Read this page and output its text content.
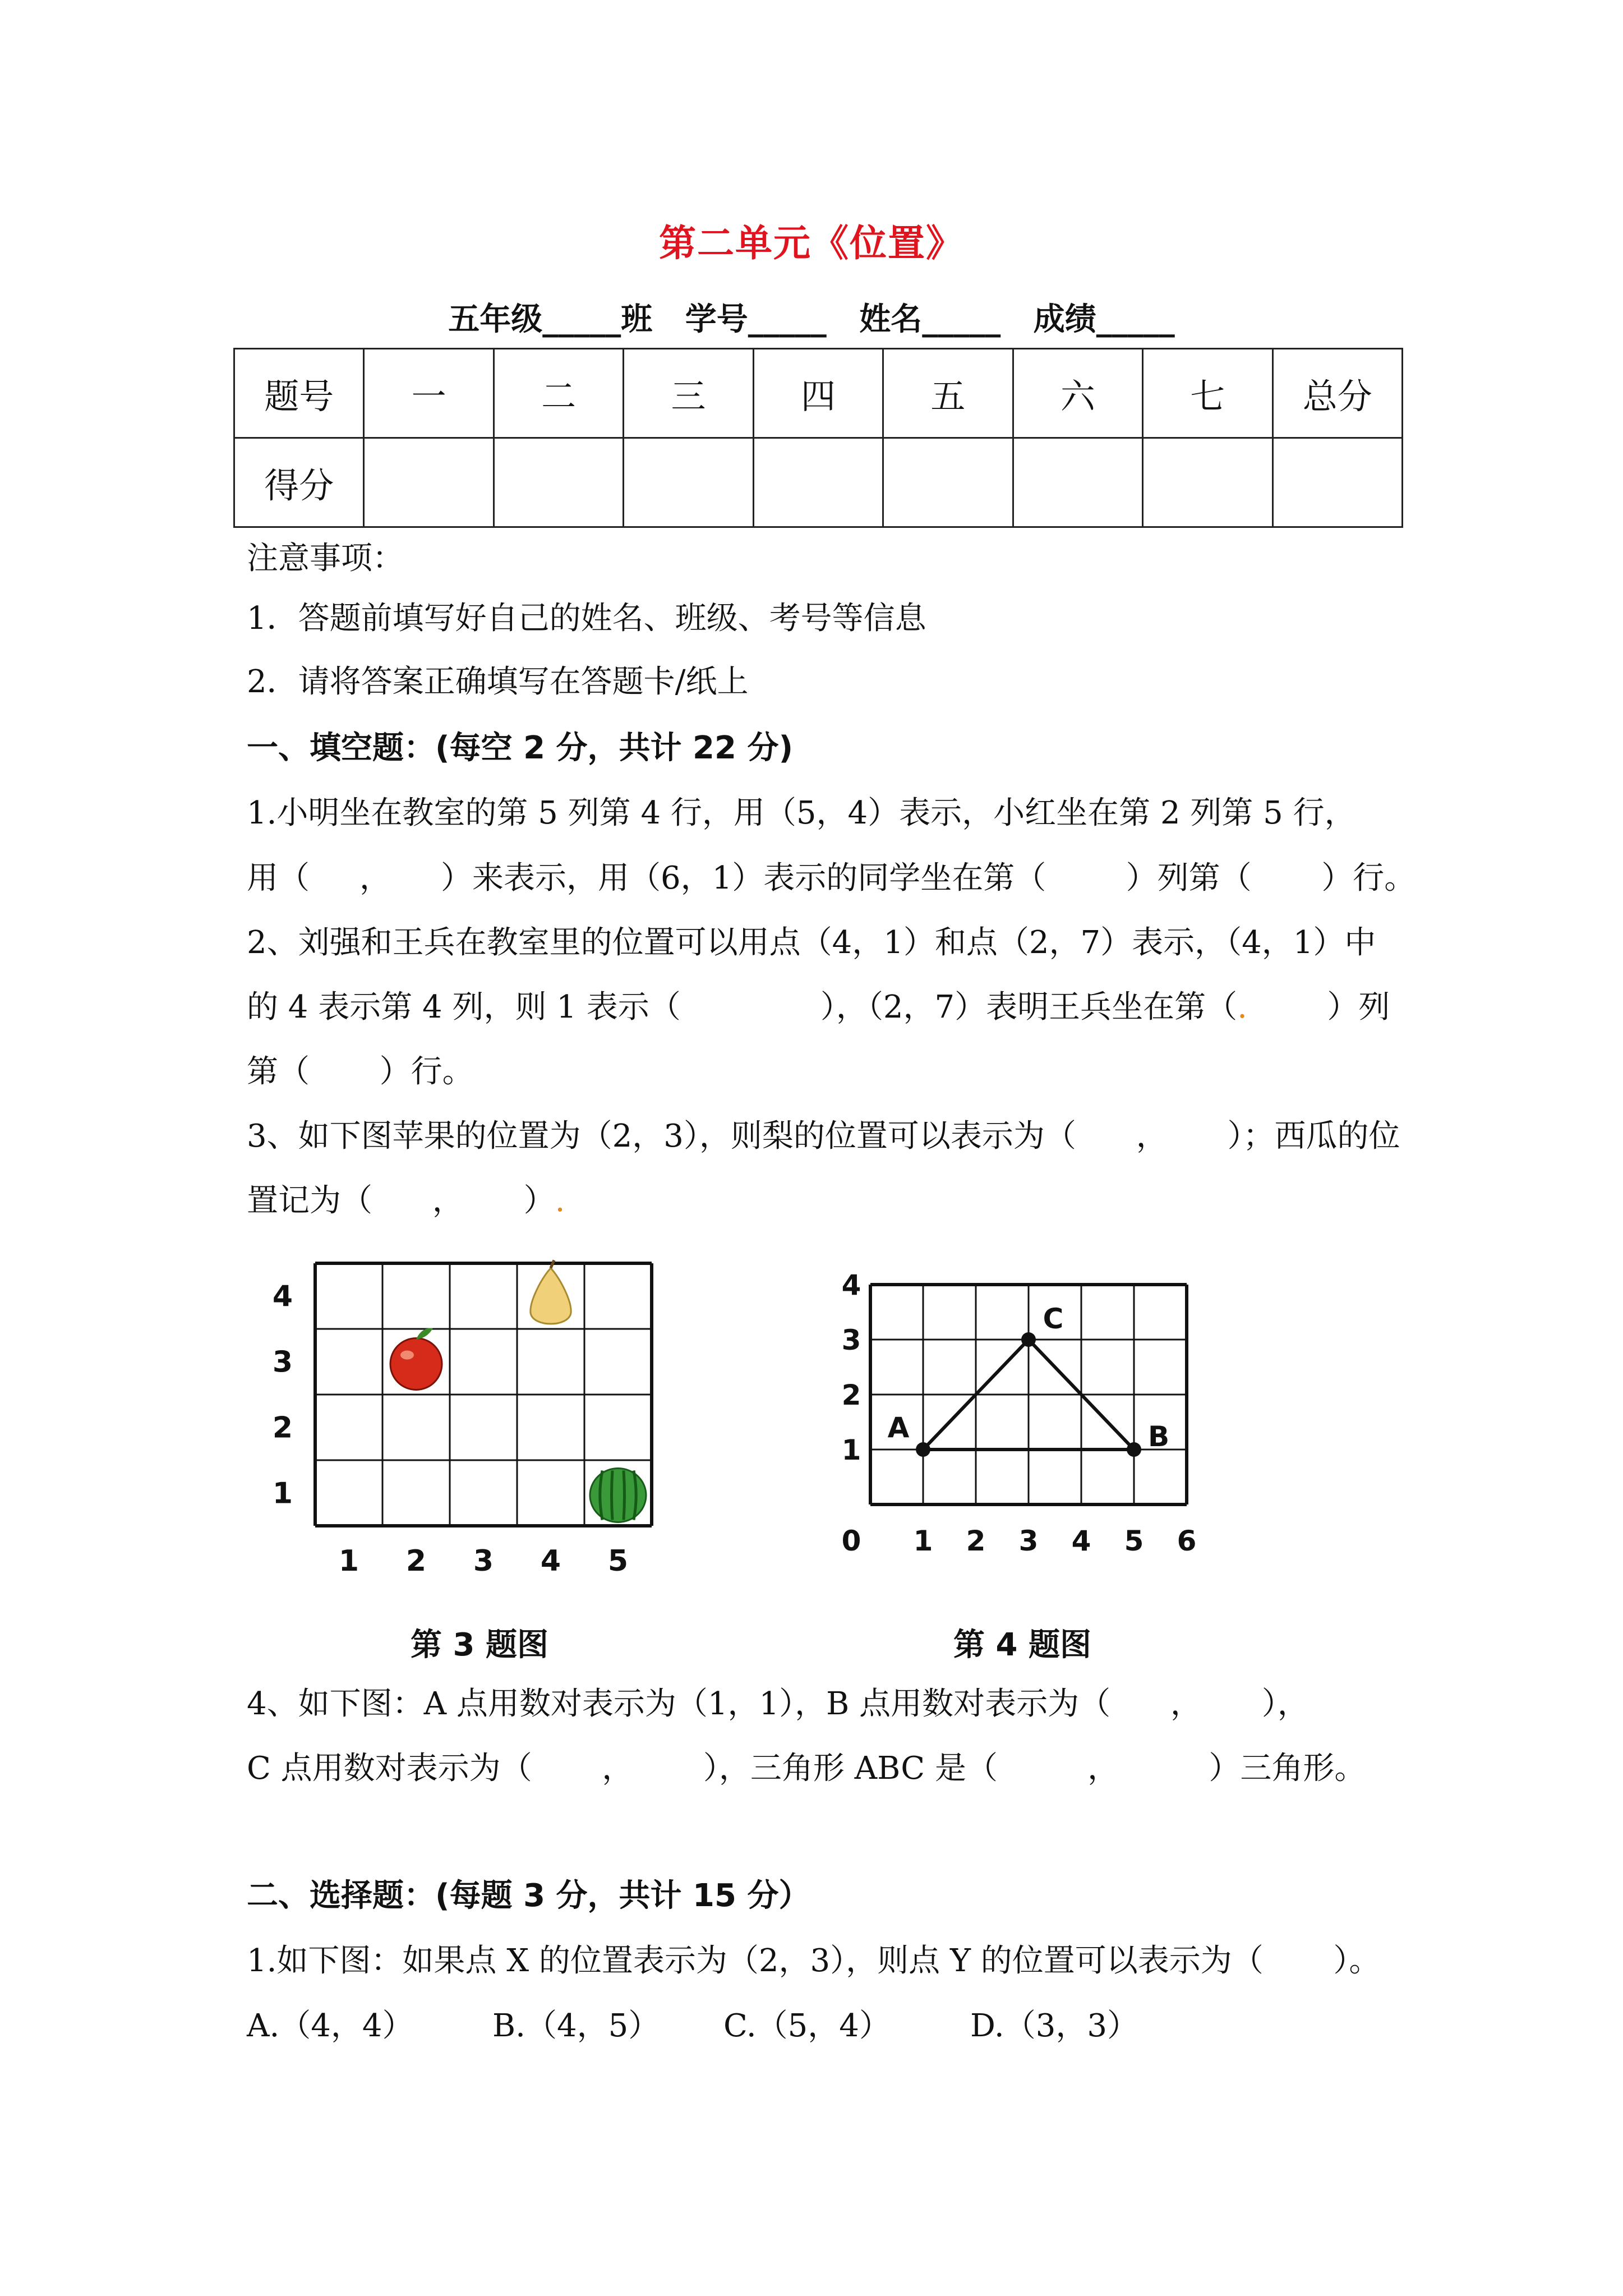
第二单元《位置》
五年级_____班   学号_____   姓名_____   成绩_____
题号	一	二	三	四	五	六	七	总分
得分								
注意事项：
1．答题前填写好自己的姓名、班级、考号等信息
2．请将答案正确填写在答题卡/纸上
一、填空题：(每空 2 分，共计 22 分)
1.小明坐在教室的第 5 列第 4 行，用（5，4）表示，小红坐在第 2 列第 5 行，
用（     ，     ）来表示，用（6，1）表示的同学坐在第（        ）列第（       ）行。
2、刘强和王兵在教室里的位置可以用点（4，1）和点（2，7）表示，（4，1）中
的 4 表示第 4 列，则 1 表示（              ），（2，7）表明王兵坐在第（.        ）列
第（       ）行。
3、如下图苹果的位置为（2，3），则梨的位置可以表示为（      ，      ）；西瓜的位
置记为（      ，      ）.
1 2 3 4 5
1
2
3
4
0 1 2 3 4 5 6
1
2
3
4
A	B
C
第 3 题图	第 4 题图
4、如下图：A 点用数对表示为（1，1），B 点用数对表示为（      ，      ），
C 点用数对表示为（       ，       ），三角形 ABC 是（         ，         ）三角形。
二、选择题：(每题 3 分，共计 15 分）
1.如下图：如果点 X 的位置表示为（2，3），则点 Y 的位置可以表示为（       ）。
A.（4，4）	B.（4，5） C.（5，4）	D.（3，3）
